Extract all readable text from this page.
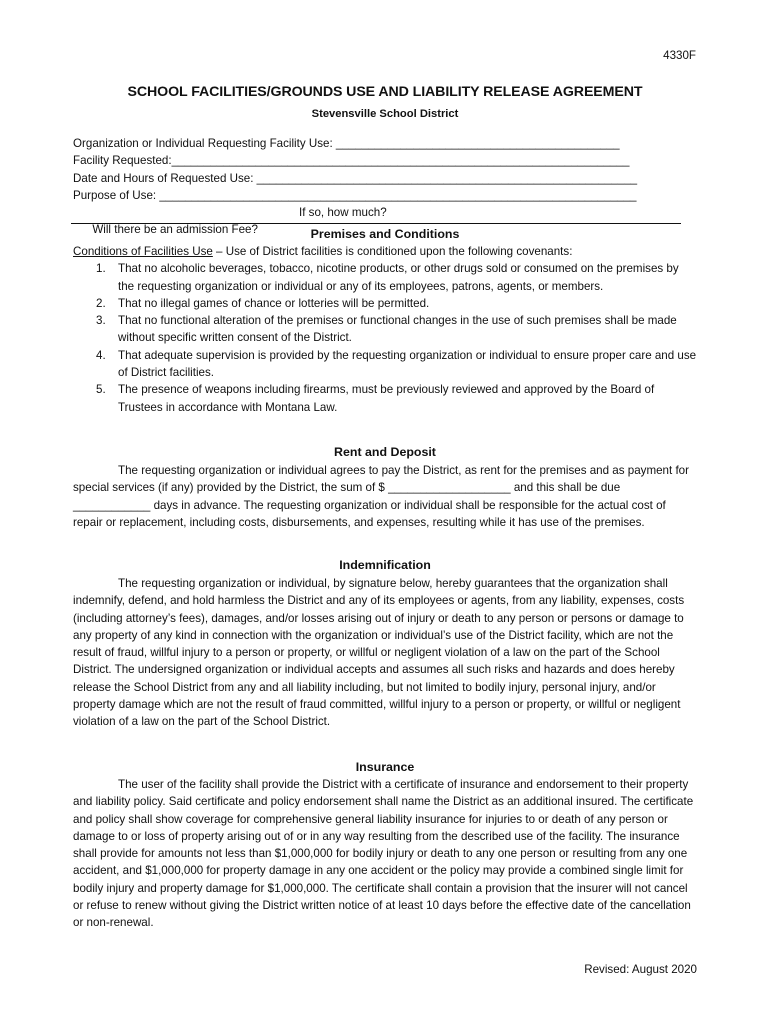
4330F
SCHOOL FACILITIES/GROUNDS USE AND LIABILITY RELEASE AGREEMENT
Stevensville School District
Organization or Individual Requesting Facility Use: ____________________________________________
Facility Requested:_______________________________________________________________________
Date and Hours of Requested Use: ___________________________________________________________
Purpose of Use: __________________________________________________________________________

Will there be an admission Fee?

If so, how much?

Premises and Conditions
Conditions of Facilities Use – Use of District facilities is conditioned upon the following covenants:
1. That no alcoholic beverages, tobacco, nicotine products, or other drugs sold or consumed on the premises by the requesting organization or individual or any of its employees, patrons, agents, or members.
2. That no illegal games of chance or lotteries will be permitted.
3. That no functional alteration of the premises or functional changes in the use of such premises shall be made without specific written consent of the District.
4. That adequate supervision is provided by the requesting organization or individual to ensure proper care and use of District facilities.
5. The presence of weapons including firearms, must be previously reviewed and approved by the Board of Trustees in accordance with Montana Law.
Rent and Deposit
The requesting organization or individual agrees to pay the District, as rent for the premises and as payment for special services (if any) provided by the District, the sum of $ ___________________ and this shall be due ____________ days in advance. The requesting organization or individual shall be responsible for the actual cost of repair or replacement, including costs, disbursements, and expenses, resulting while it has use of the premises.
Indemnification
The requesting organization or individual, by signature below, hereby guarantees that the organization shall indemnify, defend, and hold harmless the District and any of its employees or agents, from any liability, expenses, costs (including attorney’s fees), damages, and/or losses arising out of injury or death to any person or persons or damage to any property of any kind in connection with the organization or individual’s use of the District facility, which are not the result of fraud, willful injury to a person or property, or willful or negligent violation of a law on the part of the School District. The undersigned organization or individual accepts and assumes all such risks and hazards and does hereby release the School District from any and all liability including, but not limited to bodily injury, personal injury, and/or property damage which are not the result of fraud committed, willful injury to a person or property, or willful or negligent violation of a law on the part of the School District.
Insurance
The user of the facility shall provide the District with a certificate of insurance and endorsement to their property and liability policy. Said certificate and policy endorsement shall name the District as an additional insured. The certificate and policy shall show coverage for comprehensive general liability insurance for injuries to or death of any person or damage to or loss of property arising out of or in any way resulting from the described use of the facility. The insurance shall provide for amounts not less than $1,000,000 for bodily injury or death to any one person or resulting from any one accident, and $1,000,000 for property damage in any one accident or the policy may provide a combined single limit for bodily injury and property damage for $1,000,000. The certificate shall contain a provision that the insurer will not cancel or refuse to renew without giving the District written notice of at least 10 days before the effective date of the cancellation or non-renewal.
Revised: August 2020
